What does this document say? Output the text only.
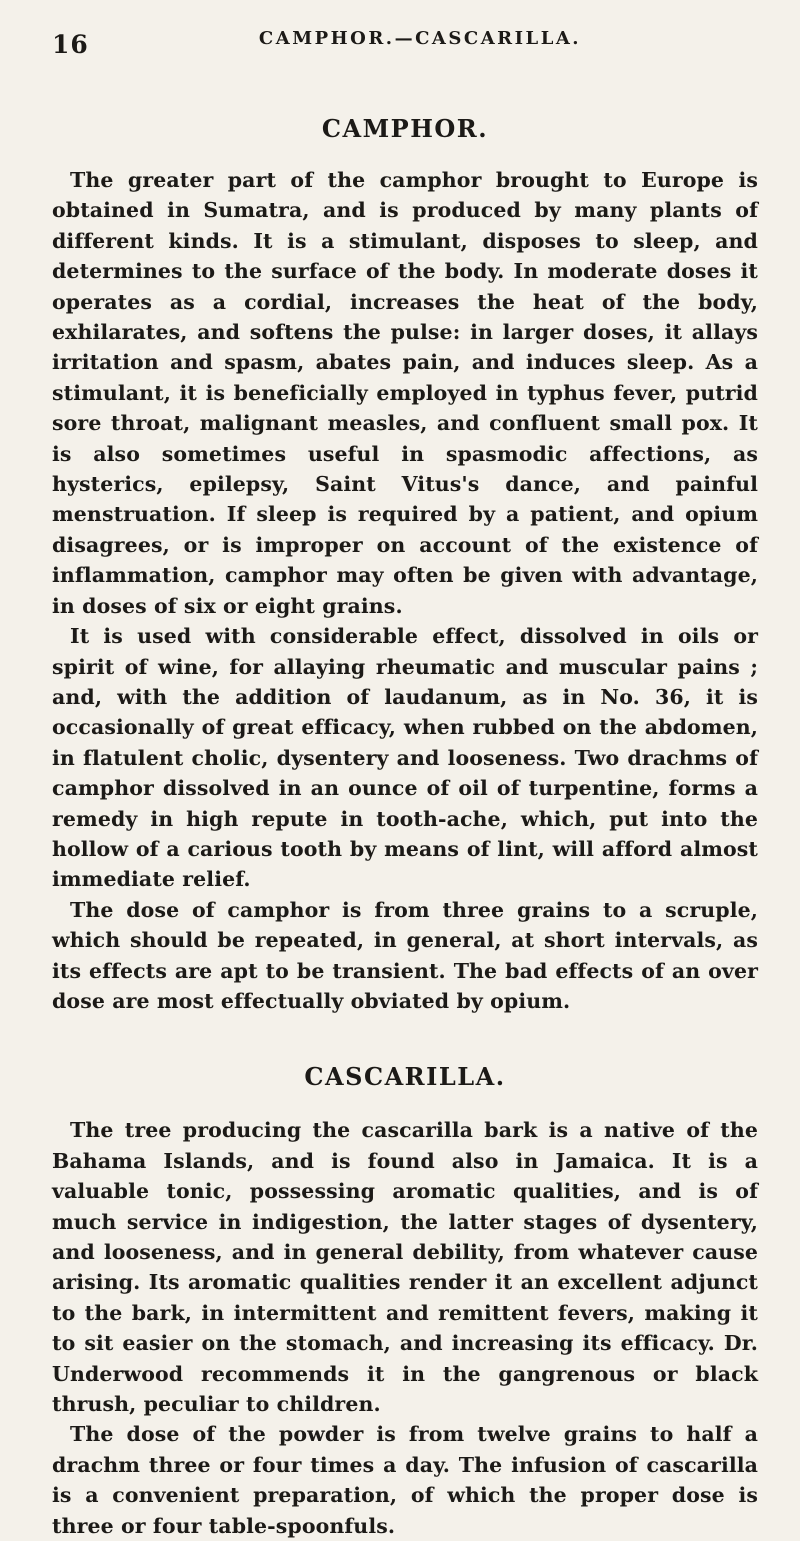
16	CAMPHOR.—CASCARILLA.
CAMPHOR.

The greater part of the camphor brought to Europe is obtained in Sumatra, and is produced by many plants of different kinds. It is a stimulant, disposes to sleep, and determines to the surface of the body. In moderate doses it operates as a cordial, increases the heat of the body, exhilarates, and softens the pulse: in larger doses, it allays irritation and spasm, abates pain, and induces sleep. As a stimulant, it is beneficially employed in typhus fever, putrid sore throat, malignant measles, and confluent small pox. It is also sometimes useful in spasmodic affections, as hysterics, epilepsy, Saint Vitus's dance, and painful menstruation. If sleep is required by a patient, and opium disagrees, or is improper on account of the existence of inflammation, camphor may often be given with advantage, in doses of six or eight grains.

It is used with considerable effect, dissolved in oils or spirit of wine, for allaying rheumatic and muscular pains ; and, with the addition of laudanum, as in No. 36, it is occasionally of great efficacy, when rubbed on the abdomen, in flatulent cholic, dysentery and looseness. Two drachms of camphor dissolved in an ounce of oil of turpentine, forms a remedy in high repute in tooth-ache, which, put into the hollow of a carious tooth by means of lint, will afford almost immediate relief.

The dose of camphor is from three grains to a scruple, which should be repeated, in general, at short intervals, as its effects are apt to be transient. The bad effects of an over dose are most effectually obviated by opium.

CASCARILLA.

The tree producing the cascarilla bark is a native of the Bahama Islands, and is found also in Jamaica. It is a valuable tonic, possessing aromatic qualities, and is of much service in indigestion, the latter stages of dysentery, and looseness, and in general debility, from whatever cause arising. Its aromatic qualities render it an excellent adjunct to the bark, in intermittent and remittent fevers, making it to sit easier on the stomach, and increasing its efficacy. Dr. Underwood recommends it in the gangrenous or black thrush, peculiar to children.

The dose of the powder is from twelve grains to half a drachm three or four times a day. The infusion of cascarilla is a convenient preparation, of which the proper dose is three or four table-spoonfuls.
